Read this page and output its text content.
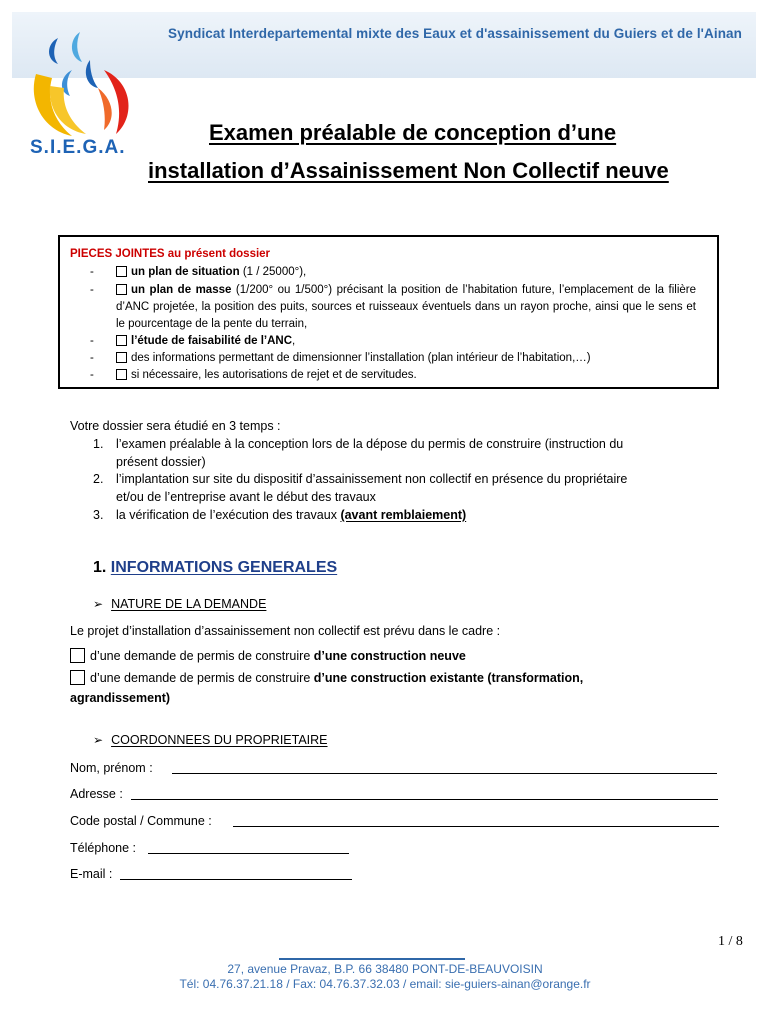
Syndicat Interdepartemental mixte des Eaux et d'assainissement du Guiers et de l'Ainan
S.I.E.G.A.
Examen préalable de conception d’une
installation d’Assainissement Non Collectif neuve
PIECES JOINTES au présent dossier
-	un plan de situation (1 / 25000°),
-	un plan de masse (1/200° ou 1/500°) précisant la position de l’habitation future, l’emplacement de la filière d’ANC projetée, la position des puits, sources et ruisseaux éventuels dans un rayon proche, ainsi que le sens et le pourcentage de la pente du terrain,
-	l’étude de faisabilité de l’ANC,
-	des informations permettant de dimensionner l’installation (plan intérieur de l’habitation,…)
-	si nécessaire, les autorisations de rejet et de servitudes.
Votre dossier sera étudié en 3 temps :
1. l’examen préalable à la conception lors de la dépose du permis de construire (instruction du
présent dossier)
2. l’implantation sur site du dispositif d’assainissement non collectif en présence du propriétaire
et/ou de l’entreprise avant le début des travaux
3. la vérification de l’exécution des travaux (avant remblaiement)
1. INFORMATIONS GENERALES
➢ NATURE DE LA DEMANDE
Le projet d’installation d’assainissement non collectif est prévu dans le cadre :
d’une demande de permis de construire d’une construction neuve
d’une demande de permis de construire d’une construction existante (transformation,
agrandissement)
➢ COORDONNEES DU PROPRIETAIRE
Nom, prénom :
Adresse :
Code postal / Commune :
Téléphone :
E-mail :
1 / 8
27, avenue Pravaz, B.P. 66 38480 PONT-DE-BEAUVOISIN
Tél: 04.76.37.21.18 / Fax: 04.76.37.32.03 / email: sie-guiers-ainan@orange.fr
